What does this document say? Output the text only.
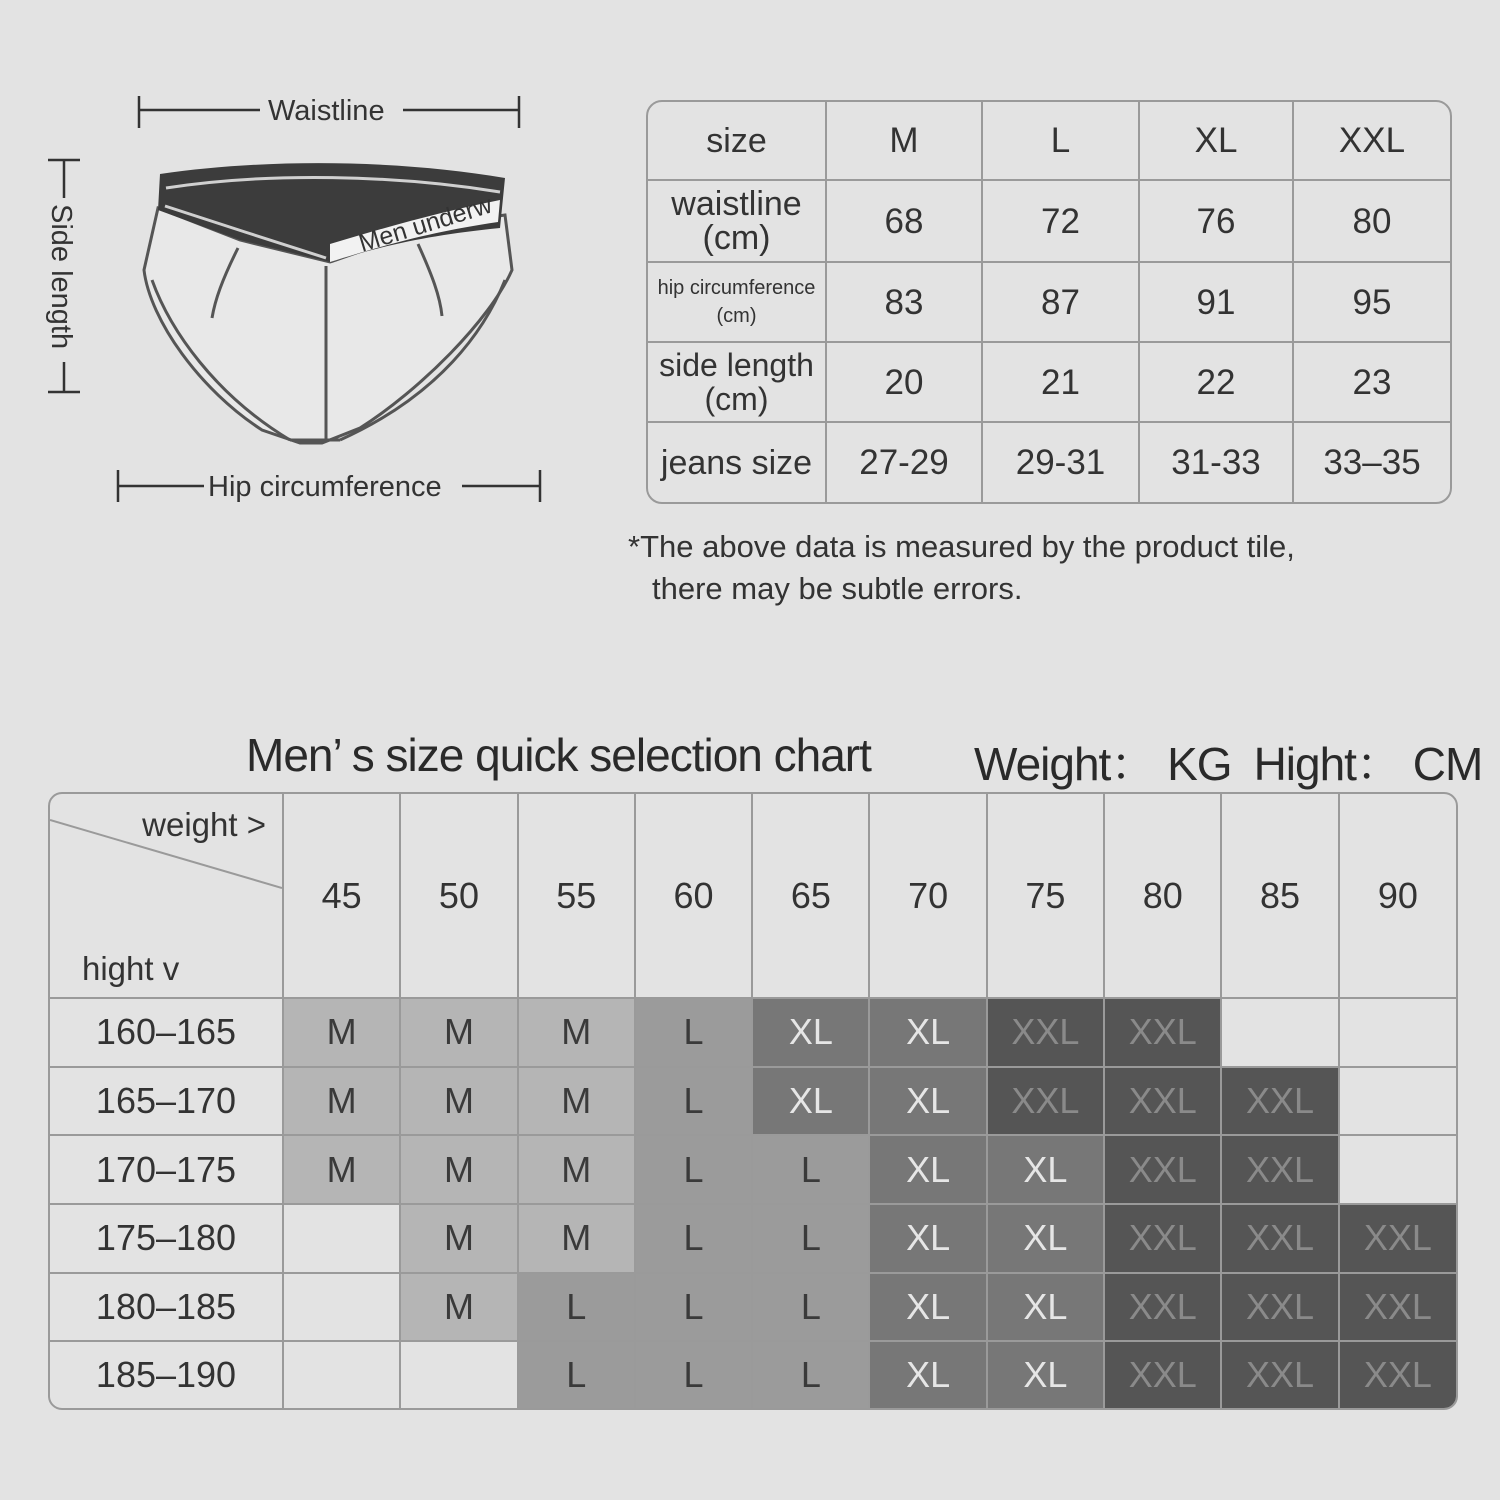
Waistline
Side length	Men underw
Hip circumference
size	M	L	XL	XXL

waistline
(cm)	68	72	76	80

hip circumference
(cm)	83	87	91	95

side length
(cm)	20	21	22	23

jeans size	27-29	29-31	31-33	33–35
*The above data is measured by the product tile,
there may be subtle errors.
Men’ s size quick selection chart Weight： KG Hight： CM
weight >
hight v	45	50	55	60	65	70	75	80	85	90
160–165	M	M	M	L	XL	XL	XXL	XXL		
165–170	M	M	M	L	XL	XL	XXL	XXL	XXL	
170–175	M	M	M	L	L	XL	XL	XXL	XXL	
175–180		M	M	L	L	XL	XL	XXL	XXL	XXL
180–185		M	L	L	L	XL	XL	XXL	XXL	XXL
185–190			L	L	L	XL	XL	XXL	XXL	XXL
